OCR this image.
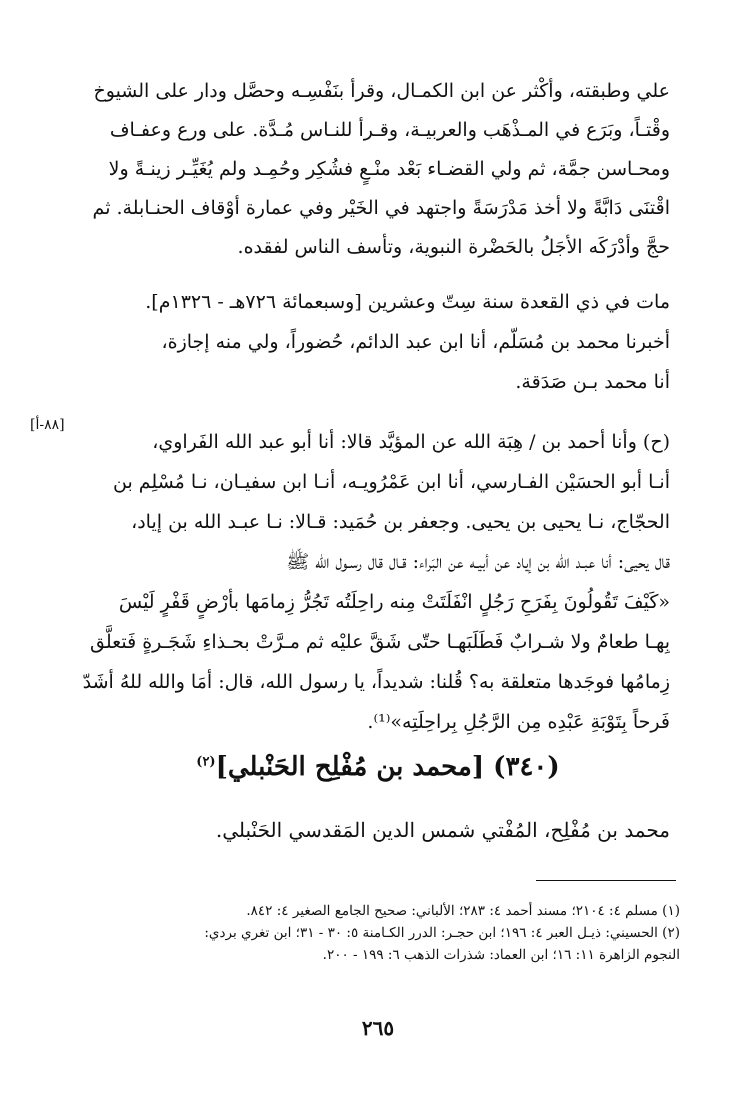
علي وطبقته، وأكْثر عن ابن الكمـال، وقرأ بنَفْسِـه وحصَّل ودار على الشيوخ
وقْتـاً، وبَرَع في المـذْهَب والعربيـة، وقـرأ للنـاس مُـدَّة. على ورع وعفـاف
ومحـاسن جمَّة، ثم ولي القضـاء بَعْد منْـعٍ فشُكِر وحُمِـد ولم يُغَيِّـر زينـةً ولا
اقْتنَى دَابَّةً ولا أخذ مَدْرَسَةً واجتهد في الخَيْر وفي عمارة أوْقاف الحنـابلة. ثم
حجَّ وأدْرَكَه الأجَلُ بالحَضْرة النبوية، وتأسف الناس لفقده.
مات في ذي القعدة سنة سِتّ وعشرين [وسبعمائة ٧٢٦هـ - ١٣٢٦م].
أخبرنا محمد بن مُسَلّم، أنا ابن عبد الدائم، حُضوراً، ولي منه إجازة،
أنا محمد بـن صَدَقة.
[٨٨-أ]
(ح) وأنا أحمد بن / هِبَة الله عن المؤيَّد قالا: أنا أبو عبد الله الفَراوي،
أنـا أبو الحسَيْن الفـارسي، أنا ابن عَمْرُويـه، أنـا ابن سفيـان، نـا مُسْلِم بن
الحجّاج، نـا يحيى بن يحيى. وجعفر بن حُمَيد: قـالا: نـا عبـد الله بن إياد،
قال يحيى: أنا عبـد الله بن إياد عن أبيـه عن البَراء: قـال قال رسـول الله ﷺ
«كَيْفَ تَقُولُونَ بِفَرَحِ رَجُلٍ انْفَلَتَتْ مِنه راحِلَتُه تَجُرُّ زِمامَها بأرْضٍ قَفْرٍ لَيْسَ
بِهـا طعامٌ ولا شـرابٌ فَطَلَبَهـا حتّى شَقَّ عليْه ثم مـرَّتْ بحـذاءِ شَجَـرةٍ فَتعلَّق
زِمامُها فوجَدها متعلقة به؟ قُلنا: شديداً، يا رسول الله، قال: أمَا والله للهُ أشَدّ
فَرحاً بِتَوْبَةِ عَبْدِه مِن الرَّجُلِ بِراحِلَتِه»⁽¹⁾.
(٣٤٠) [محمد بن مُفْلِح الحَنْبلي]$^{(٢)}$
محمد بن مُفْلِح، المُفْتي شمس الدين المَقدسي الحَنْبلي.
(١) مسلم ٤: ٢١٠٤؛ مسند أحمد ٤: ٢٨٣؛ الألباني: صحيح الجامع الصغير ٤: ٨٤٢.
(٢) الحسيني: ذيـل العبر ٤: ١٩٦؛ ابن حجـر: الدرر الكـامنة ٥: ٣٠ - ٣١؛ ابن تغري بردي:
النجوم الزاهرة ١١: ١٦؛ ابن العماد: شذرات الذهب ٦: ١٩٩ - ٢٠٠.
٢٦٥
